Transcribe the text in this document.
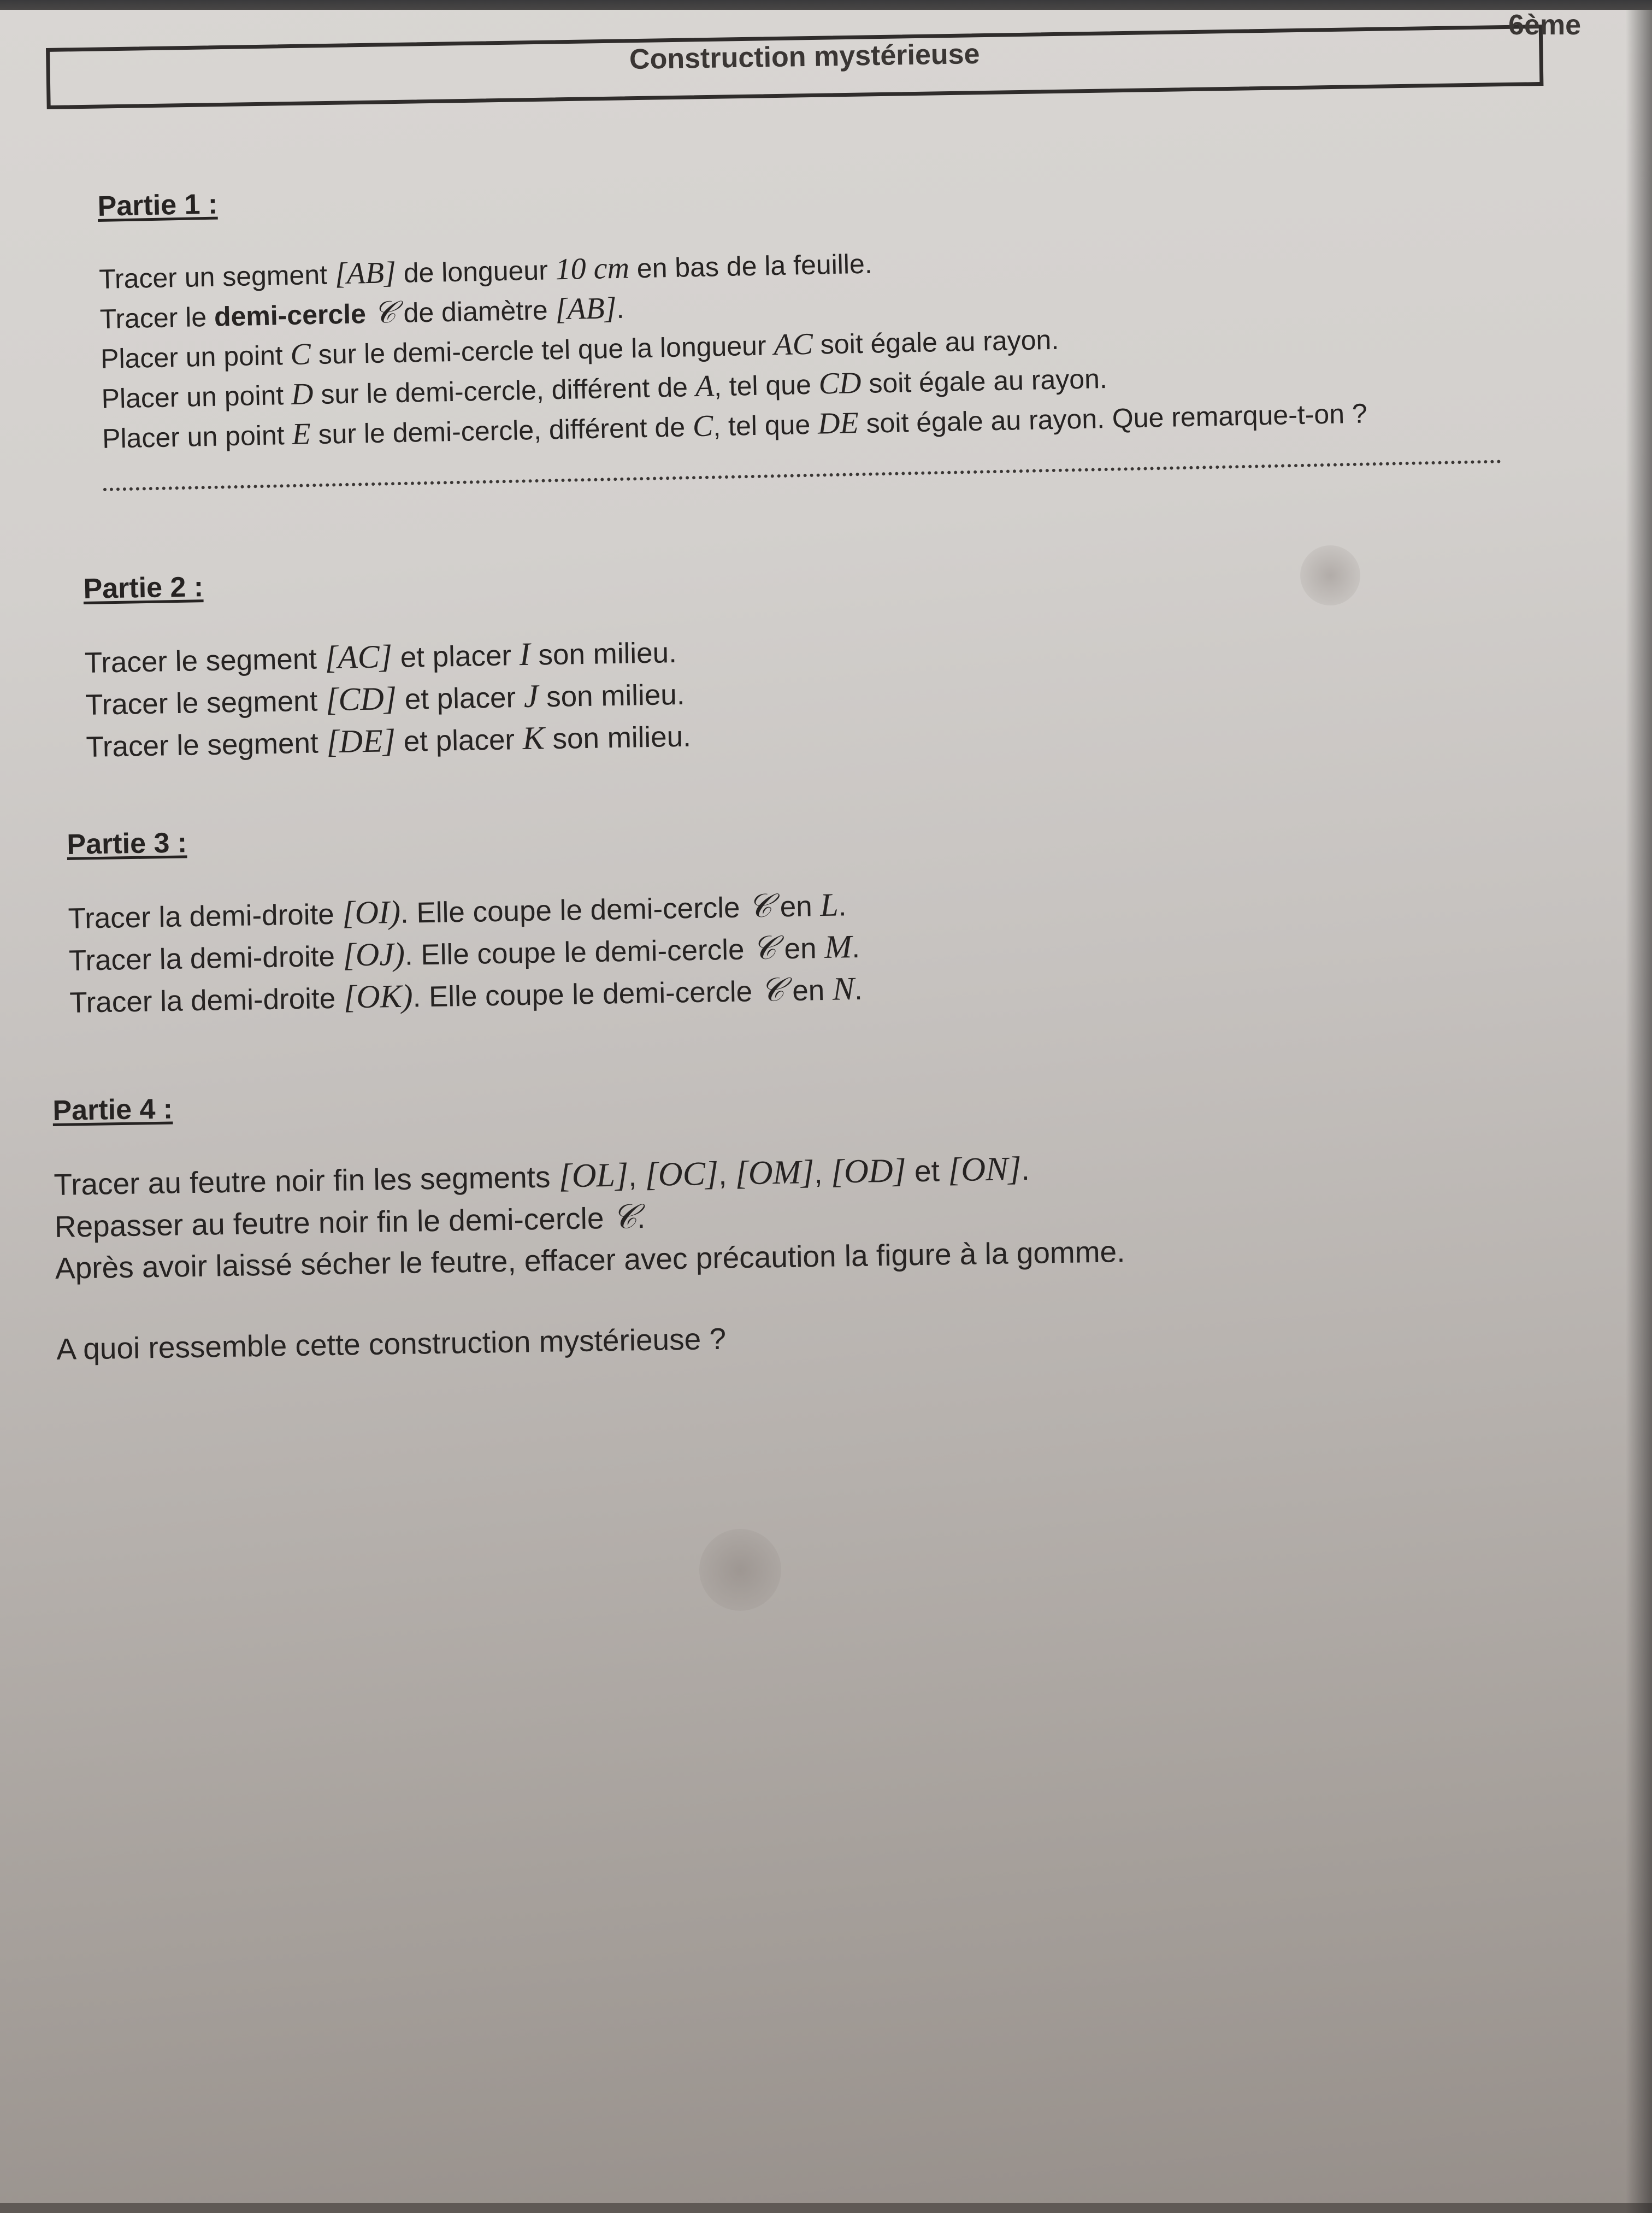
Construction mystérieuse
6ème
Partie 1 :

Tracer un segment [AB] de longueur 10 cm en bas de la feuille.

Tracer le demi-cercle 𝒞 de diamètre [AB].

Placer un point C sur le demi-cercle tel que la longueur AC soit égale au rayon.

Placer un point D sur le demi-cercle, différent de A, tel que CD soit égale au rayon.

Placer un point E sur le demi-cercle, différent de C, tel que DE soit égale au rayon. Que remarque-t-on ?

Partie 2 :

Tracer le segment [AC] et placer I son milieu.

Tracer le segment [CD] et placer J son milieu.

Tracer le segment [DE] et placer K son milieu.

Partie 3 :

Tracer la demi-droite [OI). Elle coupe le demi-cercle 𝒞 en L.

Tracer la demi-droite [OJ). Elle coupe le demi-cercle 𝒞 en M.

Tracer la demi-droite [OK). Elle coupe le demi-cercle 𝒞 en N.

Partie 4 :

Tracer au feutre noir fin les segments [OL], [OC], [OM], [OD] et [ON].

Repasser au feutre noir fin le demi-cercle 𝒞.

Après avoir laissé sécher le feutre, effacer avec précaution la figure à la gomme.

A quoi ressemble cette construction mystérieuse ?
